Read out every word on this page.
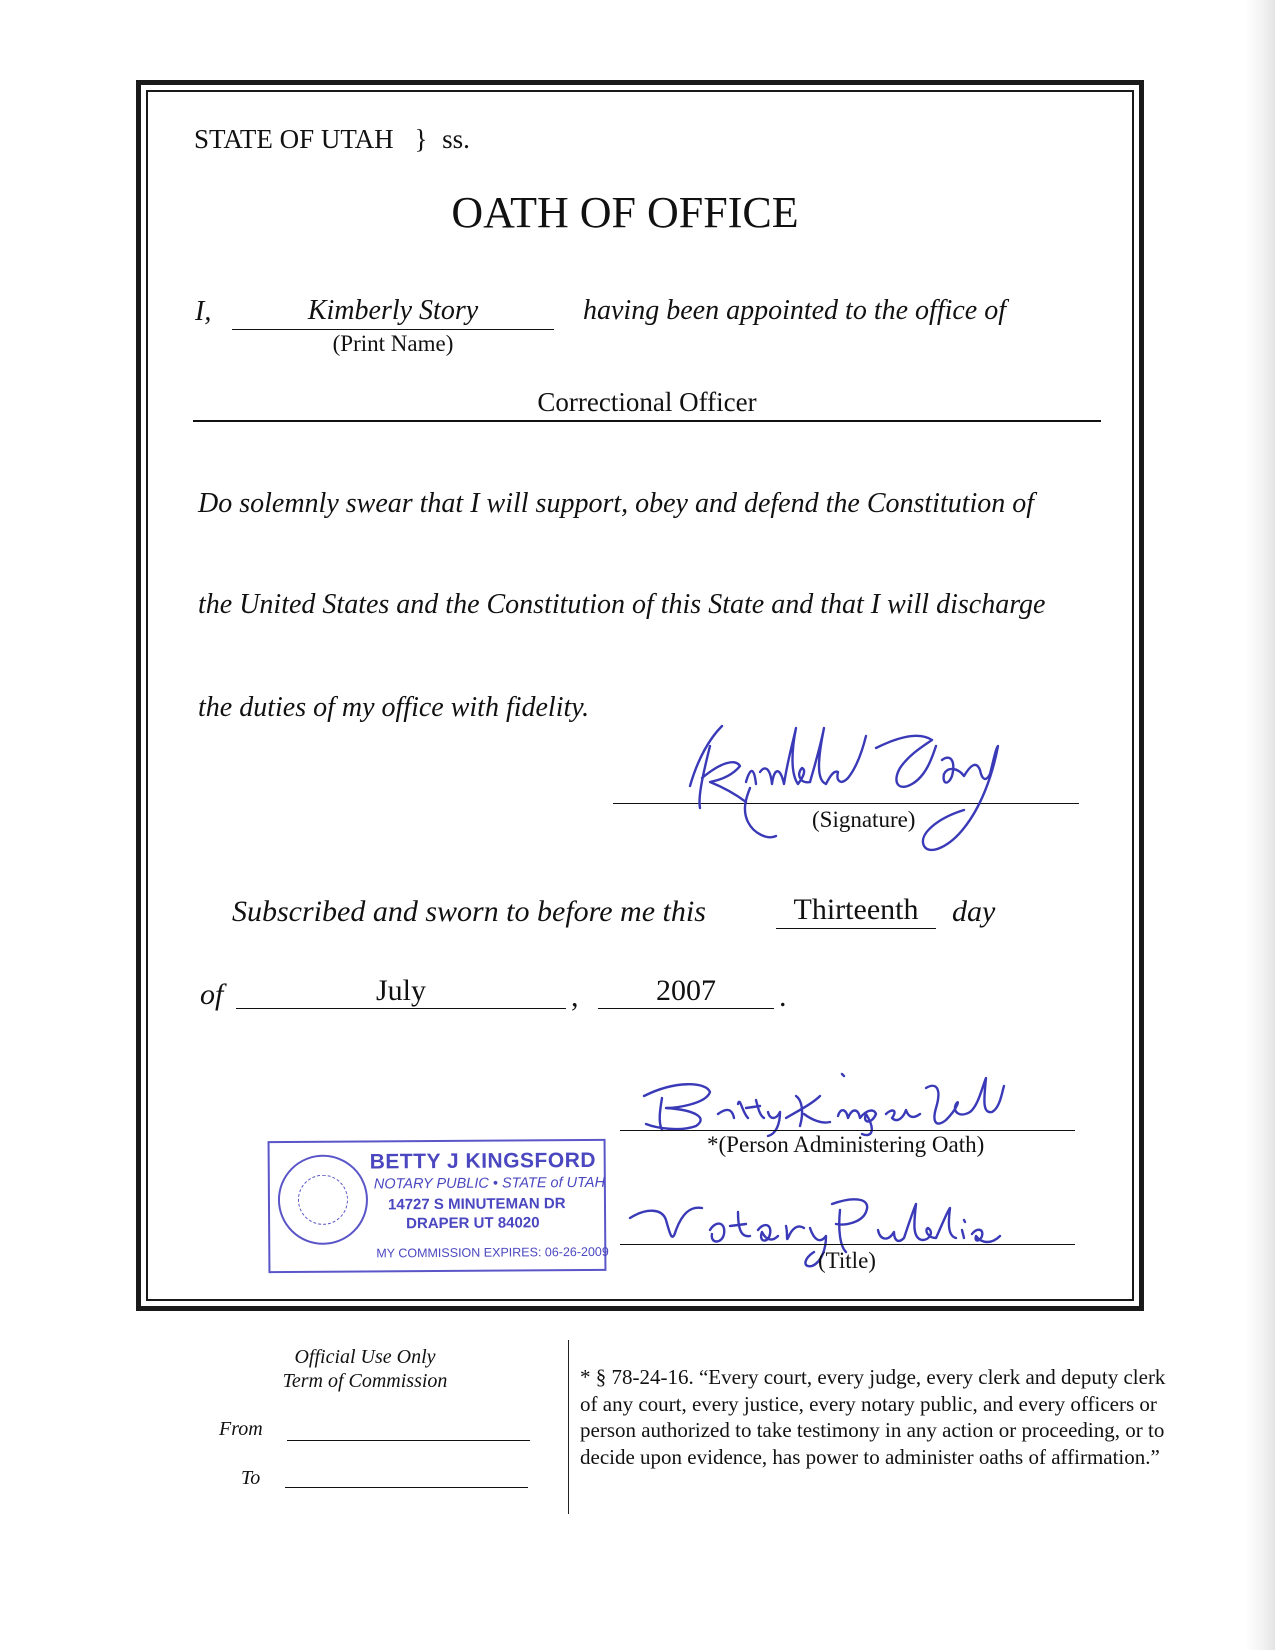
STATE OF UTAH } ss.
OATH OF OFFICE
I,	Kimberly Story
(Print Name)
having been appointed to the office of
Correctional Officer
Do solemnly swear that I will support, obey and defend the Constitution of
the United States and the Constitution of this State and that I will discharge
the duties of my office with fidelity.
(Signature)
Subscribed and sworn to before me this	Thirteenth	day
of	July	,	2007	.
*(Person Administering Oath)
(Title)
BETTY J KINGSFORD
NOTARY PUBLIC • STATE of UTAH
14727 S MINUTEMAN DR
DRAPER UT 84020
MY COMMISSION EXPIRES: 06-26-2009
Official Use Only
Term of Commission
From
To
* § 78-24-16. “Every court, every judge, every clerk and deputy clerk of any court, every justice, every notary public, and every officers or person authorized to take testimony in any action or proceeding, or to decide upon evidence, has power to administer oaths of affirmation.”
